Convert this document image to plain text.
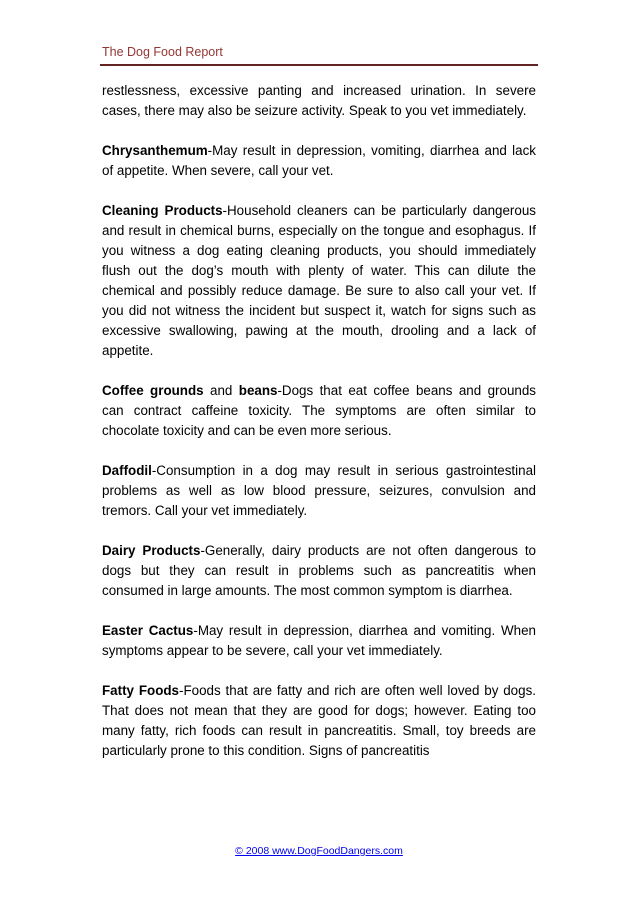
The Dog Food Report

restlessness, excessive panting and increased urination. In severe cases, there may also be seizure activity. Speak to you vet immediately.

Chrysanthemum-May result in depression, vomiting, diarrhea and lack of appetite. When severe, call your vet.

Cleaning Products-Household cleaners can be particularly dangerous and result in chemical burns, especially on the tongue and esophagus. If you witness a dog eating cleaning products, you should immediately flush out the dog’s mouth with plenty of water. This can dilute the chemical and possibly reduce damage. Be sure to also call your vet. If you did not witness the incident but suspect it, watch for signs such as excessive swallowing, pawing at the mouth, drooling and a lack of appetite.

Coffee grounds and beans-Dogs that eat coffee beans and grounds can contract caffeine toxicity. The symptoms are often similar to chocolate toxicity and can be even more serious.

Daffodil-Consumption in a dog may result in serious gastrointestinal problems as well as low blood pressure, seizures, convulsion and tremors. Call your vet immediately.

Dairy Products-Generally, dairy products are not often dangerous to dogs but they can result in problems such as pancreatitis when consumed in large amounts. The most common symptom is diarrhea.

Easter Cactus-May result in depression, diarrhea and vomiting. When symptoms appear to be severe, call your vet immediately.

Fatty Foods-Foods that are fatty and rich are often well loved by dogs. That does not mean that they are good for dogs; however. Eating too many fatty, rich foods can result in pancreatitis. Small, toy breeds are particularly prone to this condition. Signs of pancreatitis

© 2008 www.DogFoodDangers.com
